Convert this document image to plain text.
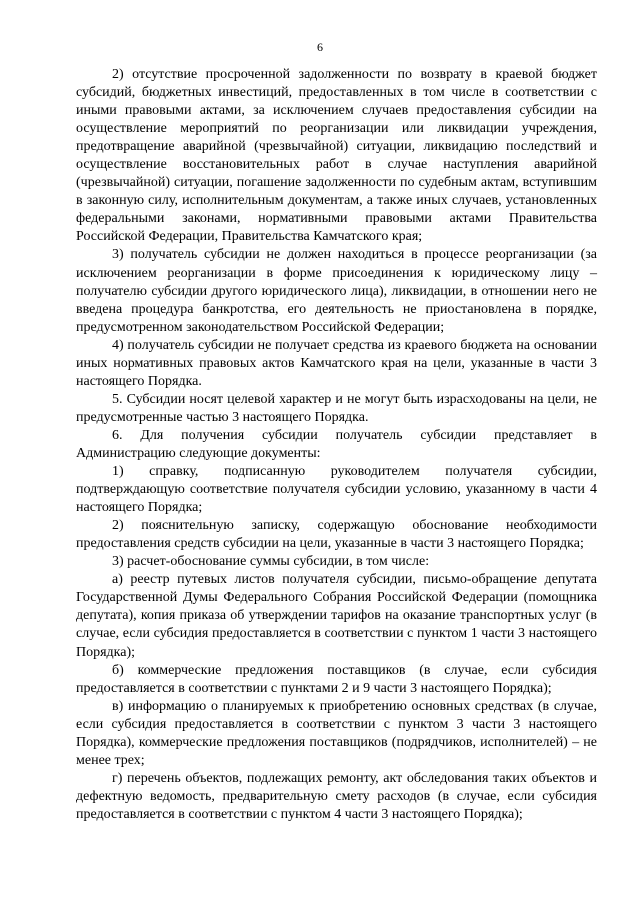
6

2) отсутствие просроченной задолженности по возврату в краевой бюджет субсидий, бюджетных инвестиций, предоставленных в том числе в соответствии с иными правовыми актами, за исключением случаев предоставления субсидии на осуществление мероприятий по реорганизации или ликвидации учреждения, предотвращение аварийной (чрезвычайной) ситуации, ликвидацию последствий и осуществление восстановительных работ в случае наступления аварийной (чрезвычайной) ситуации, погашение задолженности по судебным актам, вступившим в законную силу, исполнительным документам, а также иных случаев, установленных федеральными законами, нормативными правовыми актами Правительства Российской Федерации, Правительства Камчатского края;

3) получатель субсидии не должен находиться в процессе реорганизации (за исключением реорганизации в форме присоединения к юридическому лицу – получателю субсидии другого юридического лица), ликвидации, в отношении него не введена процедура банкротства, его деятельность не приостановлена в порядке, предусмотренном законодательством Российской Федерации;

4) получатель субсидии не получает средства из краевого бюджета на основании иных нормативных правовых актов Камчатского края на цели, указанные в части 3 настоящего Порядка.

5. Субсидии носят целевой характер и не могут быть израсходованы на цели, не предусмотренные частью 3 настоящего Порядка.

6. Для получения субсидии получатель субсидии представляет в Администрацию следующие документы:

1) справку, подписанную руководителем получателя субсидии, подтверждающую соответствие получателя субсидии условию, указанному в части 4 настоящего Порядка;

2) пояснительную записку, содержащую обоснование необходимости предоставления средств субсидии на цели, указанные в части 3 настоящего Порядка;

3) расчет-обоснование суммы субсидии, в том числе:

а) реестр путевых листов получателя субсидии, письмо-обращение депутата Государственной Думы Федерального Собрания Российской Федерации (помощника депутата), копия приказа об утверждении тарифов на оказание транспортных услуг (в случае, если субсидия предоставляется в соответствии с пунктом 1 части 3 настоящего Порядка);

б) коммерческие предложения поставщиков (в случае, если субсидия предоставляется в соответствии с пунктами 2 и 9 части 3 настоящего Порядка);

в) информацию о планируемых к приобретению основных средствах (в случае, если субсидия предоставляется в соответствии с пунктом 3 части 3 настоящего Порядка), коммерческие предложения поставщиков (подрядчиков, исполнителей) – не менее трех;

г) перечень объектов, подлежащих ремонту, акт обследования таких объектов и дефектную ведомость, предварительную смету расходов (в случае, если субсидия предоставляется в соответствии с пунктом 4 части 3 настоящего Порядка);
